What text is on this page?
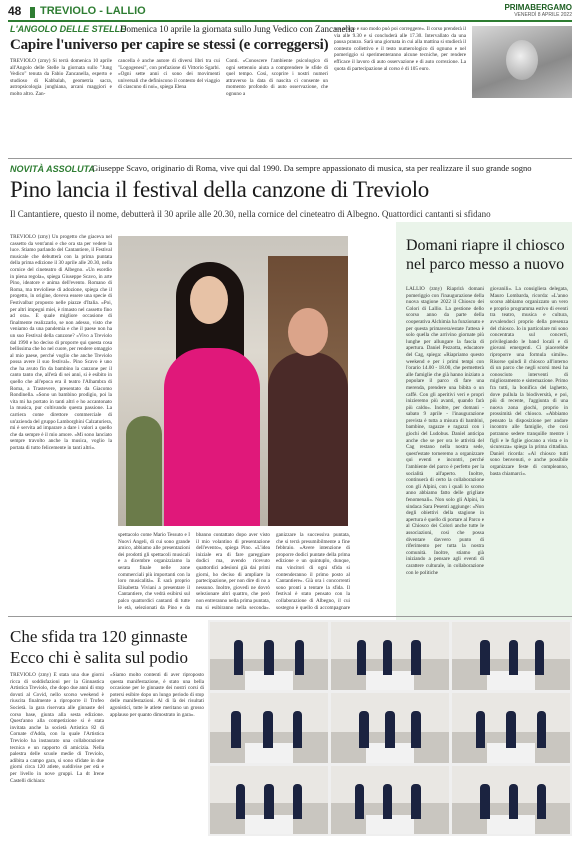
48 TREVIOLO - LALLIO	PRIMABERGAMO
VENERDÌ 8 APRILE 2022
L'ANGOLO DELLE STELLE
Domenica 10 aprile la giornata sullo Jung Vedico con Zancanella
Capire l'universo per capire se stessi (e correggersi)
TREVIOLO (zmy) Si terrà domenica 10 aprile all'Angolo delle Stelle la giornata sullo "Jung Vedico" tenuta da Fabio Zancanella, esperto e studioso di Kabbalah, geometria sacra, astropsicologia junghiana, arcani maggiori e molto altro. Zan-
cancella è anche autore di diversi libri tra cui "Logogenesi", con prefazione di Vittorio Sgarbi. «Ogni sette anni ci sono dei movimenti universali che definiscono il contesto del viaggio di ciascuno di noi», spiega Elena
Conti. «Conoscere l'ambiente psicologico di ogni settennio aiuta a comprendere le sfide di quel tempo. Così, scoprire i nostri numeri attraverso la data di nascita ci consente un momento profondo di auto osservazione, che ognuno a
suo tempo e suo modo può poi correggere». Il corso prenderà il via alle 9.30 e si concluderà alle 17.30. Intervallato da una pausa pranzo. Sarà una giornata in cui alla mattina si studierà il contesto collettivo e il testo numerologico di ognuno e nel pomeriggio si sperimenteranno alcune tecniche, per rendere efficace il lavoro di auto osservazione e di auto correzione. La quota di partecipazione al corso è di 105 euro.
NOVITÀ ASSOLUTA
Giuseppe Scavo, originario di Roma, vive qui dal 1990. Da sempre appassionato di musica, sta per realizzare il suo grande sogno
Pino lancia il festival della canzone di Treviolo
Il Cantantiere, questo il nome, debutterà il 30 aprile alle 20.30, nella cornice del cineteatro di Albegno. Quattordici cantanti si sfidano
TREVIOLO (zmy) Un progetto che giaceva nel cassetto da vent'anni e che ora sta per vedere la luce. Stiamo parlando del Cantantiere, il Festival musicale che debutterà con la prima puntata della prima edizione il 30 aprile alle 20.30, nella cornice del cineteatro di Albegno. «Un esordio in piena regola», spiega Giuseppe Scavo, in arte Pino, ideatore e anima dell'evento. Romano di Roma, ma trevioliese di adozione, spiega che il progetto, in origine, doveva essere una specie di Festivalbar proposto nelle piazze d'Italia. «Poi, per altri impegni miei, è rimasto nel cassetto fino ad ora». E quale migliore occasione di finalmente realizzarlo, se non adesso, visto che veniamo da una pandemia e che il paese non ha un suo Festival della canzone? «Vivo a Treviolo dal 1990 e ho deciso di proporre qui questa cosa bellissima che ho nel cuore, per rendere omaggio al mio paese, perché voglio che anche Treviolo possa avere il suo festival». Pino Scavo è uno che ha avuto fin da bambino la canzone per il canto tanto che, all'età di sei anni, si è esibito in quello che all'epoca era il teatro l'Alhambra di Roma, a Trastevere, presentato da Giacomo Rondinella. «Sono un bambino prodigio, poi la vita mi ha portato in tanti altri e ho accantonato la musica, pur coltivando questa passione. La carriera come direttore commerciale di un'azienda del gruppo Lamborghini Calzaturiera, mi è servita ad imparare a dare i valori a quello che da sempre è il mio amore. «Mi sono lanciato sempre travolto anche la musica, voglio la portata di tutto felicemente in tanti altri».
spettacolo come Mario Tessuto e I Nuovi Angeli, di cui sono grande amico, abbiamo alle presentazioni dei prodotti gli spettacoli musicali e a dicembre organizziamo la serata finale nelle zone commerciali più importanti con la loro musicalità». È sarà proprio Elisabetta Viviani a presentare il Cantantiere, che vedrà esibirsi sul palco quattordici cantanti di tutte le età, selezionati da Pino e da
bbanno contattato dopo aver visto il mio volantino di presentazione dell'evento», spiega Pino. «L'idea iniziale era di fare gareggiare dodici ma, avendo ricevuto quattordici adesioni già dai primi giorni, ho deciso di ampliare la partecipazione, per non dire di no a nessuno. Inoltre, giovedì ne dovrò selezionare altri quattro, che però non entreranno nella prima puntata, ma si esibiranno nella seconda».
ganizzare la successiva puntata, che si terrà presumibilmente a fine febbraio. «Avere intenzione di proporre dodici puntate della prima edizione e un quintuplo, dunque, ma vincitori di ogni sfida si contenderanno il primo posto al Cantantiere». Già ora i concorrenti sono pronti a tentare la sfida. Il festival è stato pensato con la collaborazione di Albegno, il cui sostegno è quello di accompagnare
Domani riapre il chiosco nel parco messo a nuovo
LALLIO (zmy) Riaprirà domani pomeriggio con l'inaugurazione della nuova stagione 2022 il Chiosco dei Colori di Lallio. La gestione dello scorso anno da parte della cooperativa Alchimia ha funzionato e per questa primavera/estate l'attesa è solo quella che arrivino giornate più lunghe per allungare la fascia di apertura. Daniel Pezzotta, educatore del Cag, spiega: «Riapriamo questo weekend e per i primi tempi con l'orario 14.00 - 18.00, che permetterà alle famiglie che già hanno iniziato a popolare il parco di fare una merenda, prendere una bibita o un caffè. Con gli aperitivi veri e propri inizieremo più avanti, quando farà più caldo». Inoltre, per domani - sabato 9 aprile - l'inaugurazione prevista è tutta a misura di bambini, bambine, ragazze e ragazzi con i giochi del Ludobus. Daniel anticipa anche che se per ora le attività del Cag restano nella nostra sede, quest'estate torneremo a organizzare qui eventi e incontri, perché l'ambiente del parco è perfetto per la socialità all'aperto. Inoltre, continuerà di certo la collaborazione con gli Alpini, con i quali lo scorso anno abbiamo fatto delle grigliate fenomenali». Non solo gli Alpini, la sindaca Sara Pesenti aggiunge: «Non degli obiettivi della stagione in apertura è quello di portare al Parco e al Chiosco dei Colori anche tutte le associazioni, così che possa diventare davvero punto di riferimento per tutta la nostra comunità. Inoltre, stiamo già iniziando a pensare agli eventi di carattere culturale, in collaborazione con le politiche
giovanili». La consigliera delegata, Mauro Lombarda, ricorda: «L'anno scorso abbiamo organizzato un vero e proprio programma estivo di eventi tra teatro, musica e cultura, avvalendoci proprio della presenza del chiosco. Io in particolare mi sono concentrata sul concerti, privilegiando le band locali e di giovani emergenti. Ci piacerebbe riproporre una formula simile». Risorse quindi il chiosco all'interno di un parco che negli scorsi mesi ha conosciuto interventi di miglioramento e sistemazione. Primo fra tutti, la bonifica del laghetto, dove pullula la biodiversità, e poi, più di recente, l'aggiunta di una nuova zona giochi, proprio in prossimità del chiosco. «Abbiamo pensato la disposizione per andare incontro alle famiglie, che così potranno sedere tranquille mentre i figli e le figlie giocano a vista e in sicurezza» spiega la prima cittadina. Daniel ricorda: «Al chiosco tutti sono benvenuti, e anche possibile organizzare feste di compleanno, basta chiamarci».
Che sfida tra 120 ginnaste Ecco chi è salita sul podio
TREVIOLO (zmy) È stata una due giorni ricca di soddisfazioni per la Ginnastica Artistica Treviolo, che dopo due anni di stop dovuti al Covid, nello scorso weekend è riuscita finalmente a riproporre il Trofeo Società. la gara riservata alle ginnaste del corso base, giunta alla sesta edizione. Quest'anno alla competizione si è stata invitata anche la società Artistica 82 di Cornate d'Adda, con la quale l'Artistica Treviolo ha instaurato una collaborazione tecnica e un rapporto di amicizia. Nella palestra delle scuole medie di Treviolo, adibita a campo gara, si sono sfidate in due giorni circa 120 atlete, suddivise per età e per livello in nove gruppi. La dt Irene Castelli dichiara:
«Siamo molto contenti di aver riproposto questa manifestazione, è stato una bella occasione per le ginnaste dei nostri corsi di potersi esibire dopo un lungo periodo di stop delle manifestazioni. Al di là dei risultati agonistici, tutte le atlete meritano un grosso applauso per quanto dimostrato in gara».
